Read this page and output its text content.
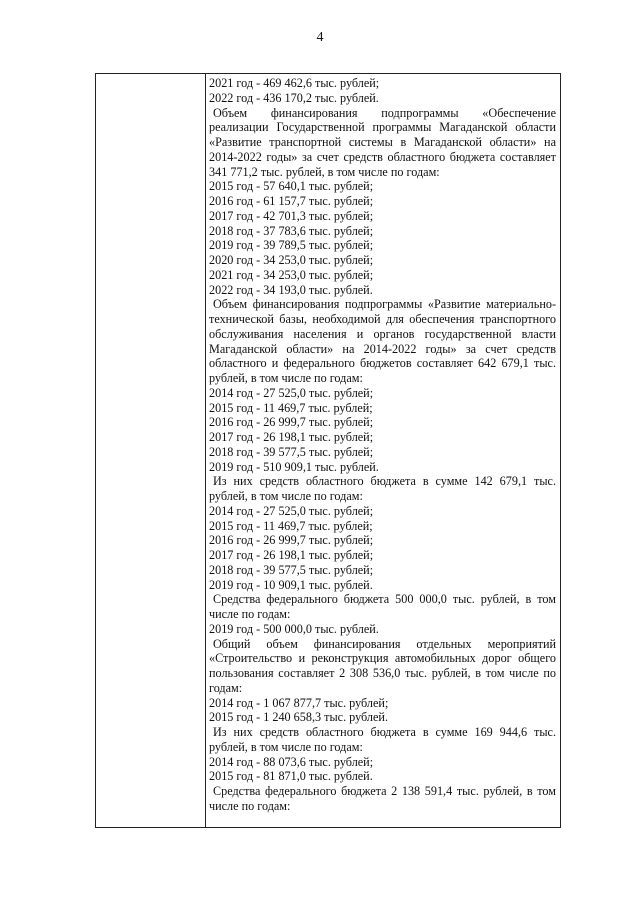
4
2021 год - 469 462,6 тыс. рублей;
2022 год - 436 170,2 тыс. рублей.
Объем финансирования подпрограммы «Обеспечение реализации Государственной программы Магаданской области «Развитие транспортной системы в Магаданской области» на 2014-2022 годы» за счет средств областного бюджета составляет 341 771,2 тыс. рублей, в том числе по годам:
2015 год - 57 640,1 тыс. рублей;
2016 год - 61 157,7 тыс. рублей;
2017 год - 42 701,3 тыс. рублей;
2018 год - 37 783,6 тыс. рублей;
2019 год - 39 789,5 тыс. рублей;
2020 год - 34 253,0 тыс. рублей;
2021 год - 34 253,0 тыс. рублей;
2022 год - 34 193,0 тыс. рублей.
Объем финансирования подпрограммы «Развитие материально-технической базы, необходимой для обеспечения транспортного обслуживания населения и органов государственной власти Магаданской области» на 2014-2022 годы» за счет средств областного и федерального бюджетов составляет 642 679,1 тыс. рублей, в том числе по годам:
2014 год - 27 525,0 тыс. рублей;
2015 год - 11 469,7 тыс. рублей;
2016 год - 26 999,7 тыс. рублей;
2017 год - 26 198,1 тыс. рублей;
2018 год - 39 577,5 тыс. рублей;
2019 год - 510 909,1 тыс. рублей.
Из них средств областного бюджета в сумме 142 679,1 тыс. рублей, в том числе по годам:
2014 год - 27 525,0 тыс. рублей;
2015 год - 11 469,7 тыс. рублей;
2016 год - 26 999,7 тыс. рублей;
2017 год - 26 198,1 тыс. рублей;
2018 год - 39 577,5 тыс. рублей;
2019 год - 10 909,1 тыс. рублей.
Средства федерального бюджета 500 000,0 тыс. рублей, в том числе по годам:
2019 год - 500 000,0 тыс. рублей.
Общий объем финансирования отдельных мероприятий «Строительство и реконструкция автомобильных дорог общего пользования составляет 2 308 536,0 тыс. рублей, в том числе по годам:
2014 год - 1 067 877,7 тыс. рублей;
2015 год - 1 240 658,3 тыс. рублей.
Из них средств областного бюджета в сумме 169 944,6 тыс. рублей, в том числе по годам:
2014 год - 88 073,6 тыс. рублей;
2015 год - 81 871,0 тыс. рублей.
Средства федерального бюджета 2 138 591,4 тыс. рублей, в том числе по годам:
